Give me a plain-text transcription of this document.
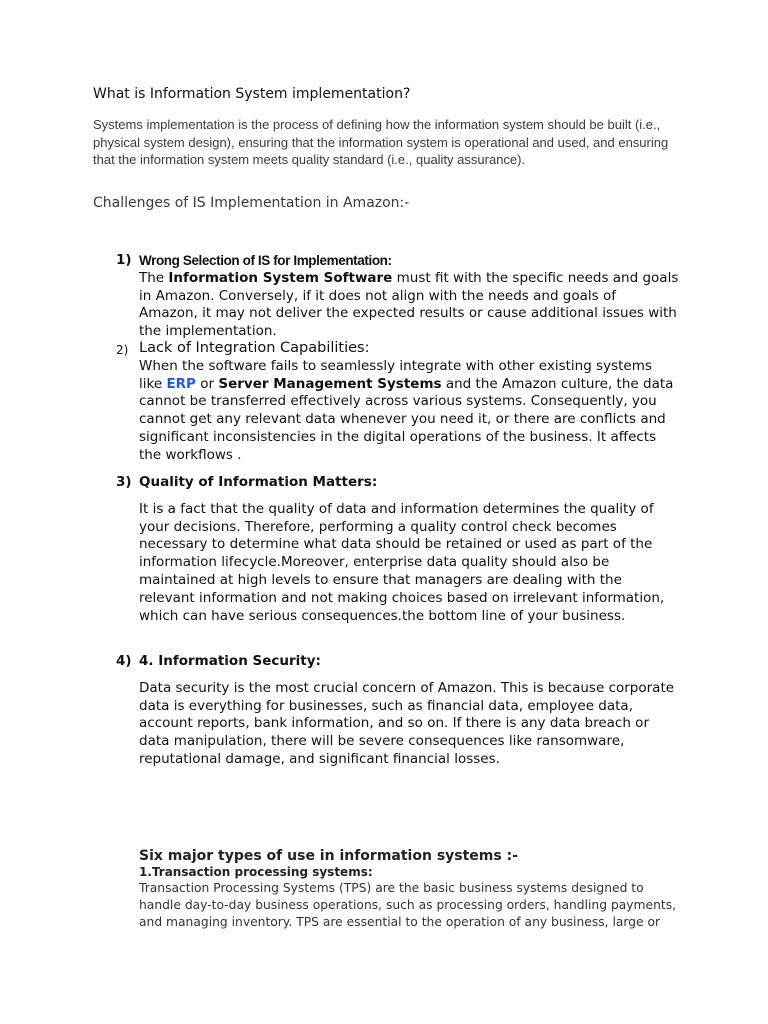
What is Information System implementation?

Systems implementation is the process of defining how the information system should be built (i.e., physical system design), ensuring that the information system is operational and used, and ensuring that the information system meets quality standard (i.e., quality assurance).

Challenges of IS Implementation in Amazon:-
1) Wrong Selection of IS for Implementation:

The Information System Software must fit with the specific needs and goals in Amazon. Conversely, if it does not align with the needs and goals of Amazon, it may not deliver the expected results or cause additional issues with the implementation.

2) Lack of Integration Capabilities:

When the software fails to seamlessly integrate with other existing systems like ERP or Server Management Systems and the Amazon culture, the data cannot be transferred effectively across various systems. Consequently, you cannot get any relevant data whenever you need it, or there are conflicts and significant inconsistencies in the digital operations of the business. It affects the workflows .

3) Quality of Information Matters:

It is a fact that the quality of data and information determines the quality of your decisions. Therefore, performing a quality control check becomes necessary to determine what data should be retained or used as part of the information lifecycle.Moreover, enterprise data quality should also be maintained at high levels to ensure that managers are dealing with the relevant information and not making choices based on irrelevant information, which can have serious consequences.the bottom line of your business.

4) 4. Information Security:

Data security is the most crucial concern of Amazon. This is because corporate data is everything for businesses, such as financial data, employee data, account reports, bank information, and so on. If there is any data breach or data manipulation, there will be severe consequences like ransomware, reputational damage, and significant financial losses.

Six major types of use in information systems :-
1.Transaction processing systems:

Transaction Processing Systems (TPS) are the basic business systems designed to handle day-to-day business operations, such as processing orders, handling payments, and managing inventory. TPS are essential to the operation of any business, large or
